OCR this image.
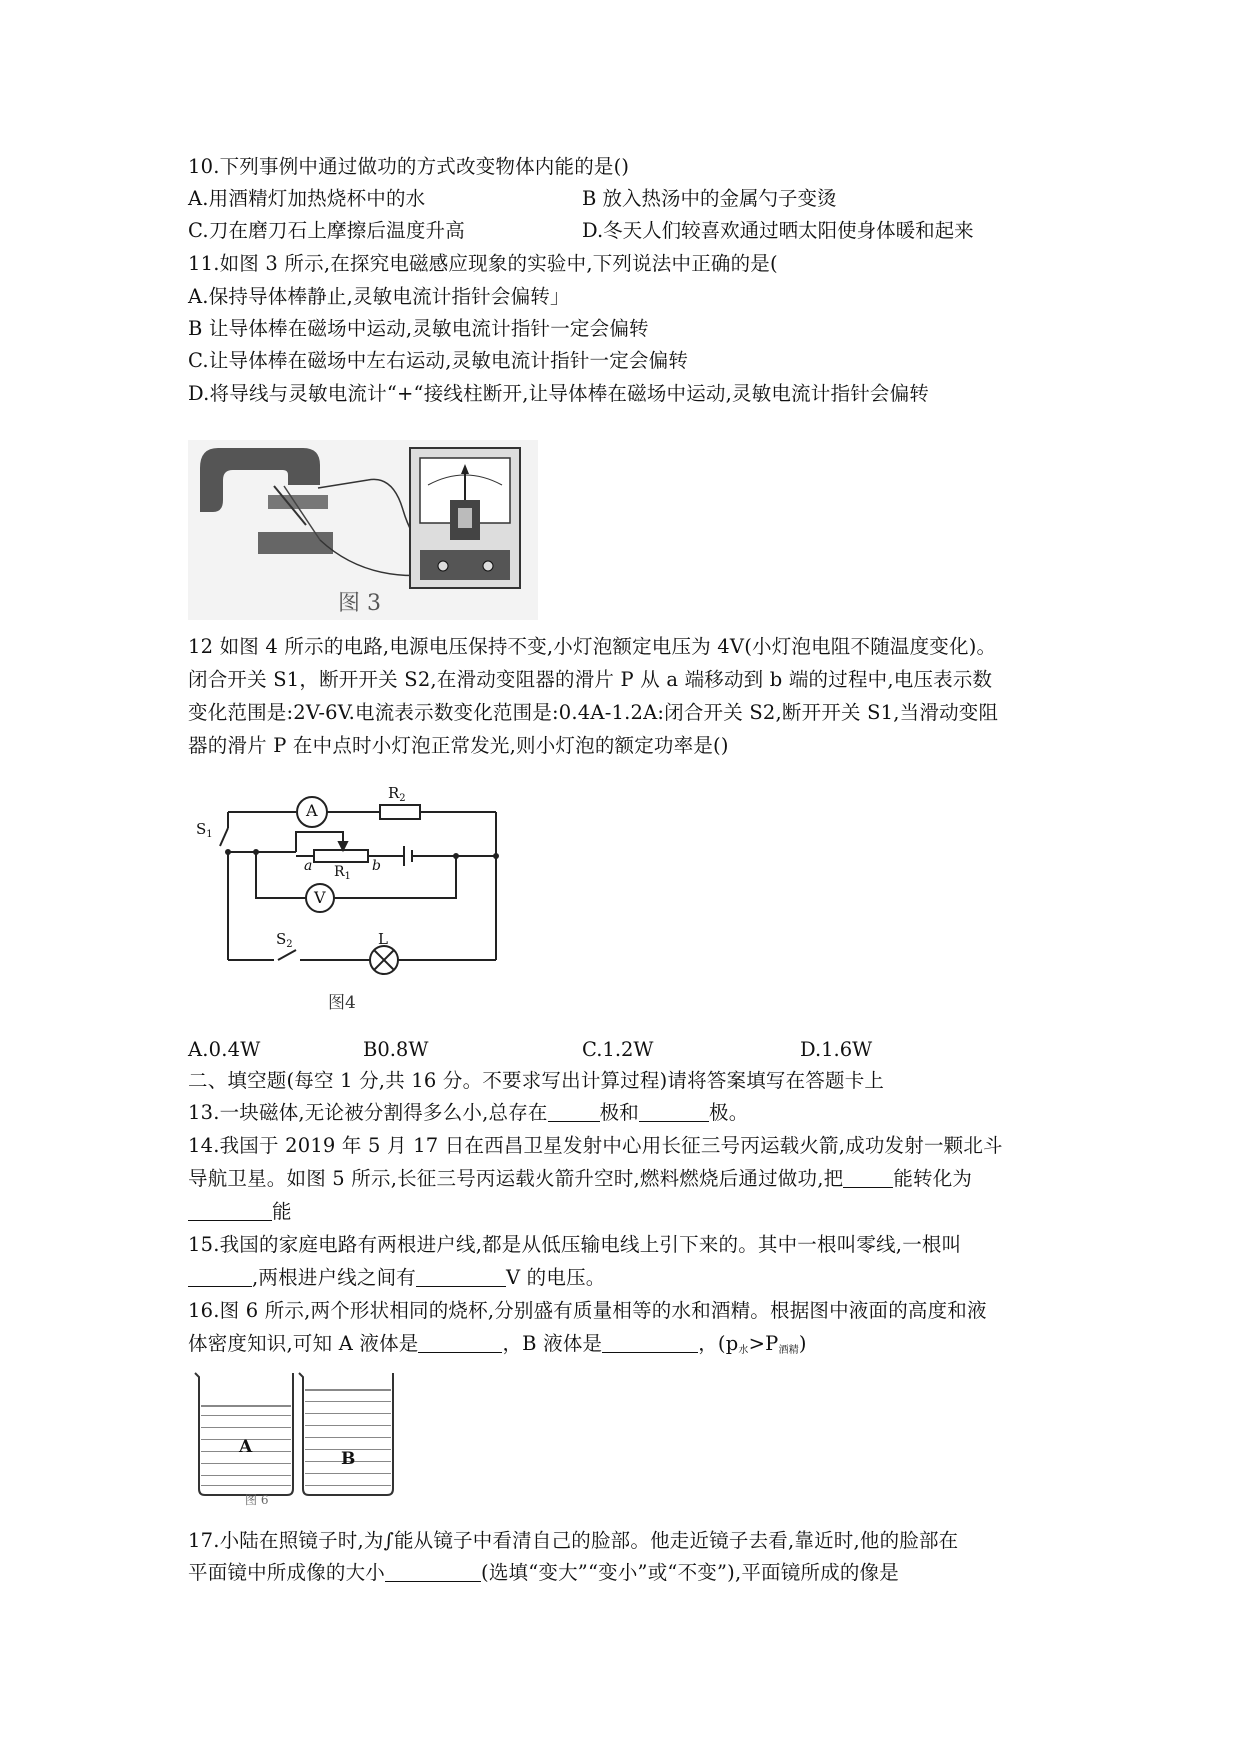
10.下列事例中通过做功的方式改变物体内能的是()
A.用酒精灯加热烧杯中的水	B 放入热汤中的金属勺子变烫
C.刀在磨刀石上摩擦后温度升高	D.冬天人们较喜欢通过晒太阳使身体暖和起来
11.如图 3 所示,在探究电磁感应现象的实验中,下列说法中正确的是(
A.保持导体棒静止,灵敏电流计指针会偏转」
B 让导体棒在磁场中运动,灵敏电流计指针一定会偏转
C.让导体棒在磁场中左右运动,灵敏电流计指针一定会偏转
D.将导线与灵敏电流计“+“接线柱断开,让导体棒在磁场中运动,灵敏电流计指针会偏转
图 3
12 如图 4 所示的电路,电源电压保持不变,小灯泡额定电压为 4V(小灯泡电阻不随温度变化)。
闭合开关 S1，断开开关 S2,在滑动变阻器的滑片 P 从 a 端移动到 b 端的过程中,电压表示数
变化范围是:2V-6V.电流表示数变化范围是:0.4A-1.2A:闭合开关 S2,断开开关 S1,当滑动变阻
器的滑片 P 在中点时小灯泡正常发光,则小灯泡的额定功率是()
A
$R_2$
$S_1$
a	b
$R_1$
V
$S_2$	L
图4
A.0.4W	B0.8W	C.1.2W	D.1.6W
二、填空题(每空 1 分,共 16 分。不要求写出计算过程)请将答案填写在答题卡上
13.一块磁体,无论被分割得多么小,总存在	极和	极。
14.我国于 2019 年 5 月 17 日在西昌卫星发射中心用长征三号丙运载火箭,成功发射一颗北斗
导航卫星。如图 5 所示,长征三号丙运载火箭升空时,燃料燃烧后通过做功,把	能转化为
能
15.我国的家庭电路有两根进户线,都是从低压输电线上引下来的。其中一根叫零线,一根叫
,两根进户线之间有	V 的电压。
16.图 6 所示,两个形状相同的烧杯,分别盛有质量相等的水和酒精。根据图中液面的高度和液
体密度知识,可知 A 液体是	，B 液体是	，$(p_水>P_{酒精})$
A
B
图 6
17.小陆在照镜子时,为∫能从镜子中看清自己的脸部。他走近镜子去看,靠近时,他的脸部在
平面镜中所成像的大小	(选填“变大”“变小”或“不变”),平面镜所成的像是
